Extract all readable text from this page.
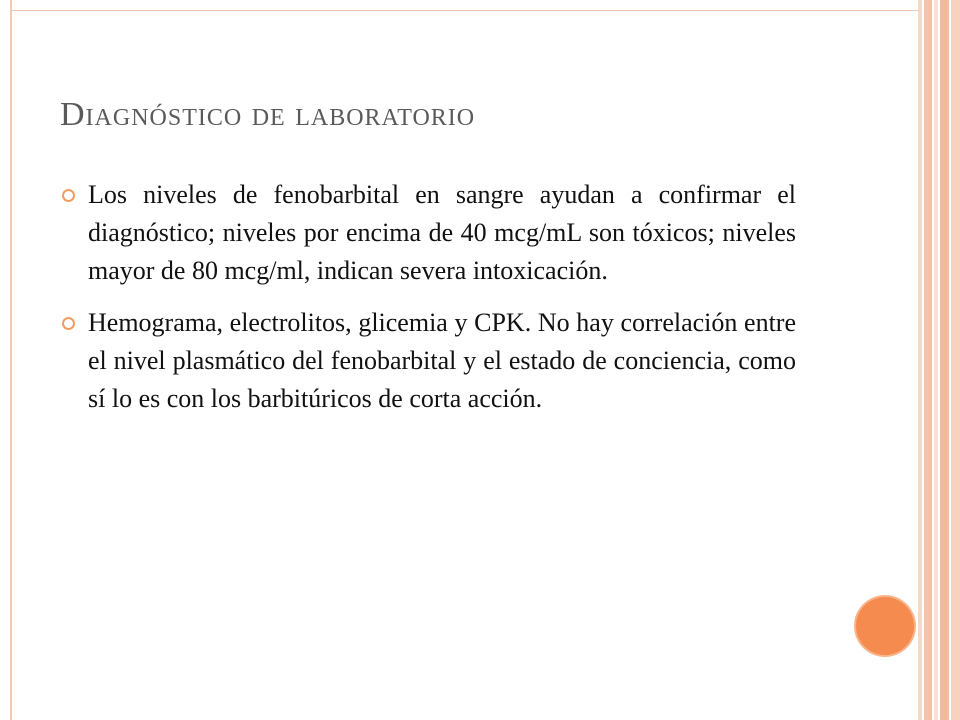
Diagnóstico de laboratorio
Los niveles de fenobarbital en sangre ayudan a confirmar el diagnóstico; niveles por encima de 40 mcg/mL son tóxicos; niveles mayor de 80 mcg/ml, indican severa intoxicación.
Hemograma, electrolitos, glicemia y CPK. No hay correlación entre el nivel plasmático del fenobarbital y el estado de conciencia, como sí lo es con los barbitúricos de corta acción.
